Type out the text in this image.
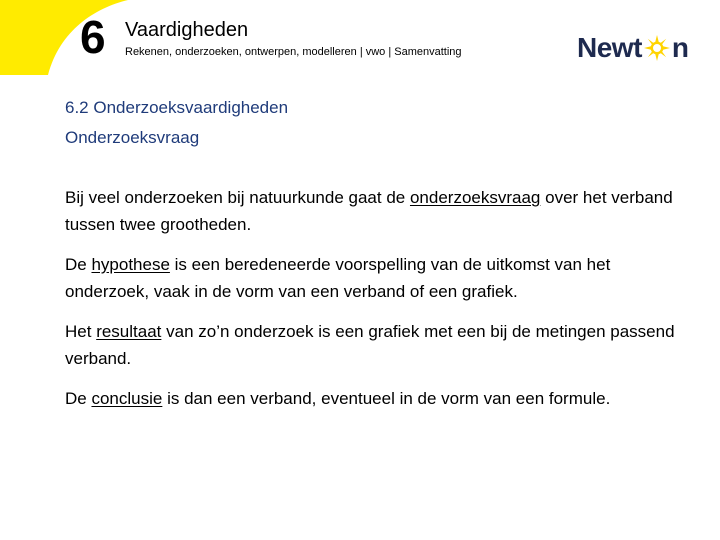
6 Vaardigheden
Rekenen, onderzoeken, ontwerpen, modelleren | vwo | Samenvatting	Newt n
6.2 Onderzoeksvaardigheden
Onderzoeksvraag

Bij veel onderzoeken bij natuurkunde gaat de onderzoeksvraag over het verband tussen twee grootheden.

De hypothese is een beredeneerde voorspelling van de uitkomst van het onderzoek, vaak in de vorm van een verband of een grafiek.

Het resultaat van zo’n onderzoek is een grafiek met een bij de metingen passend verband.

De conclusie is dan een verband, eventueel in de vorm van een formule.
